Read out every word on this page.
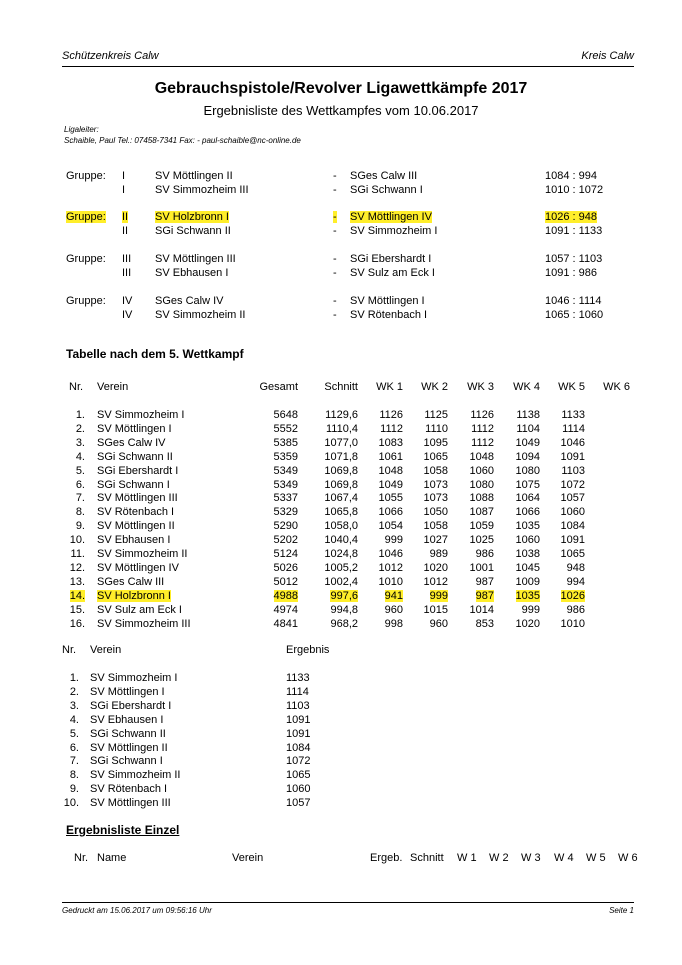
Schützenkreis Calw	Kreis Calw
Gebrauchspistole/Revolver Ligawettkämpfe 2017
Ergebnisliste des Wettkampfes vom 10.06.2017
Ligaleiter:
Schaible, Paul Tel.: 07458-7341 Fax: - paul-schaible@nc-online.de
Gruppe: I	SV Möttlingen II	- SGes Calw III	1084 : 994
I	SV Simmozheim III	- SGi Schwann I	1010 : 1072
Gruppe: II SV Holzbronn I	- SV Möttlingen IV	1026 : 948
II SGi Schwann II	- SV Simmozheim I	1091 : 1133
Gruppe: III SV Möttlingen III	- SGi Ebershardt I	1057 : 1103
III SV Ebhausen I	- SV Sulz am Eck I	1091 : 986
Gruppe: IV SGes Calw IV	- SV Möttlingen I	1046 : 1114
IV SV Simmozheim II	- SV Rötenbach I	1065 : 1060
Tabelle nach dem 5. Wettkampf
Nr. Verein	Gesamt	Schnitt	WK 1	WK 2	WK 3	WK 4	WK 5	WK 6
1. SV Simmozheim I	5648	1129,6	1126	1125	1126	1138	1133
2. SV Möttlingen I	5552	1110,4	1112	1110	1112	1104	1114
3. SGes Calw IV	5385	1077,0	1083	1095	1112	1049	1046
4. SGi Schwann II	5359	1071,8	1061	1065	1048	1094	1091
5. SGi Ebershardt I	5349	1069,8	1048	1058	1060	1080	1103
6. SGi Schwann I	5349	1069,8	1049	1073	1080	1075	1072
7. SV Möttlingen III	5337	1067,4	1055	1073	1088	1064	1057
8. SV Rötenbach I	5329	1065,8	1066	1050	1087	1066	1060
9. SV Möttlingen II	5290	1058,0	1054	1058	1059	1035	1084
10. SV Ebhausen I	5202	1040,4	999	1027	1025	1060	1091
11. SV Simmozheim II	5124	1024,8	1046	989	986	1038	1065
12. SV Möttlingen IV	5026	1005,2	1012	1020	1001	1045	948
13. SGes Calw III	5012	1002,4	1010	1012	987	1009	994
14. SV Holzbronn I	4988	997,6	941	999	987	1035	1026
15. SV Sulz am Eck I	4974	994,8	960	1015	1014	999	986
16. SV Simmozheim III	4841	968,2	998	960	853	1020	1010
Nr. Verein	Ergebnis
1. SV Simmozheim I	1133
2. SV Möttlingen I	1114
3. SGi Ebershardt I	1103
4. SV Ebhausen I	1091
5. SGi Schwann II	1091
6. SV Möttlingen II	1084
7. SGi Schwann I	1072
8. SV Simmozheim II	1065
9. SV Rötenbach I	1060
10. SV Möttlingen III	1057
Ergebnisliste Einzel
Nr. Name	Verein	Ergeb. Schnitt W 1 W 2 W 3 W 4 W 5 W 6
Gedruckt am 15.06.2017 um 09:56:16 Uhr	Seite 1
